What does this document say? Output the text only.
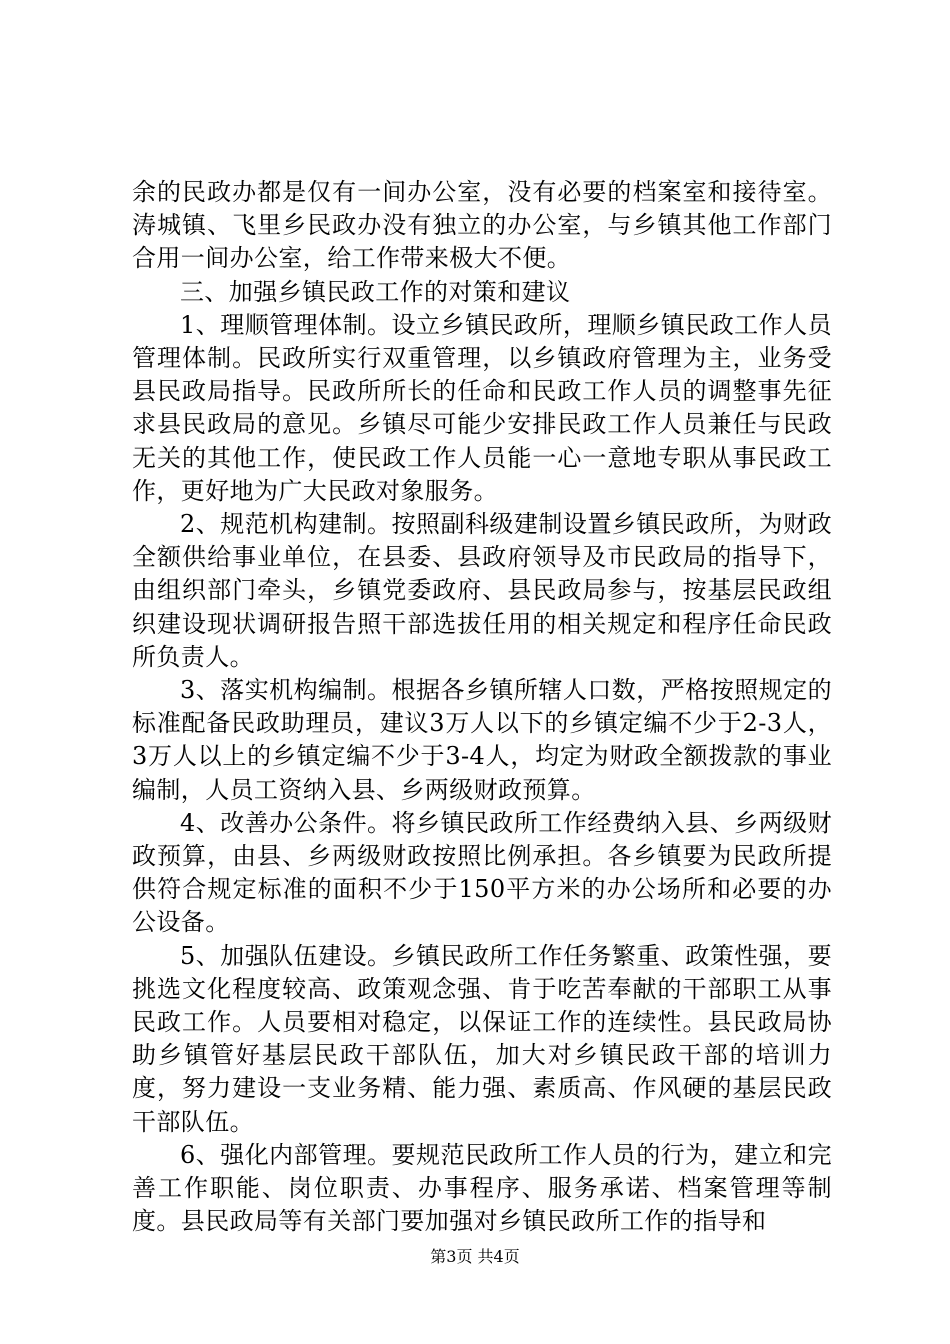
余的民政办都是仅有一间办公室，没有必要的档案室和接待室。涛城镇、飞里乡民政办没有独立的办公室，与乡镇其他工作部门合用一间办公室，给工作带来极大不便。

三、加强乡镇民政工作的对策和建议

1、理顺管理体制。设立乡镇民政所，理顺乡镇民政工作人员管理体制。民政所实行双重管理，以乡镇政府管理为主，业务受县民政局指导。民政所所长的任命和民政工作人员的调整事先征求县民政局的意见。乡镇尽可能少安排民政工作人员兼任与民政无关的其他工作，使民政工作人员能一心一意地专职从事民政工作，更好地为广大民政对象服务。

2、规范机构建制。按照副科级建制设置乡镇民政所，为财政全额供给事业单位，在县委、县政府领导及市民政局的指导下，由组织部门牵头，乡镇党委政府、县民政局参与，按基层民政组织建设现状调研报告照干部选拔任用的相关规定和程序任命民政所负责人。

3、落实机构编制。根据各乡镇所辖人口数，严格按照规定的标准配备民政助理员，建议3万人以下的乡镇定编不少于2-3人，3万人以上的乡镇定编不少于3-4人，均定为财政全额拨款的事业编制，人员工资纳入县、乡两级财政预算。

4、改善办公条件。将乡镇民政所工作经费纳入县、乡两级财政预算，由县、乡两级财政按照比例承担。各乡镇要为民政所提供符合规定标准的面积不少于150平方米的办公场所和必要的办公设备。

5、加强队伍建设。乡镇民政所工作任务繁重、政策性强，要挑选文化程度较高、政策观念强、肯于吃苦奉献的干部职工从事民政工作。人员要相对稳定，以保证工作的连续性。县民政局协助乡镇管好基层民政干部队伍，加大对乡镇民政干部的培训力度，努力建设一支业务精、能力强、素质高、作风硬的基层民政干部队伍。

6、强化内部管理。要规范民政所工作人员的行为，建立和完善工作职能、岗位职责、办事程序、服务承诺、档案管理等制度。县民政局等有关部门要加强对乡镇民政所工作的指导和

第3页 共4页
